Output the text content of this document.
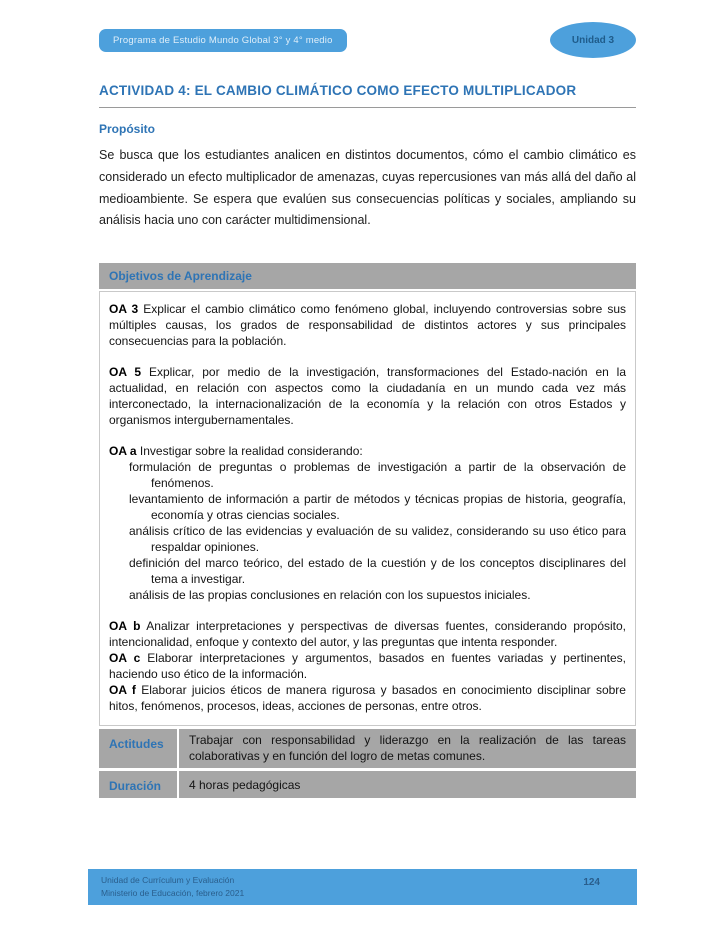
Programa de Estudio Mundo Global 3° y 4° medio	Unidad 3
ACTIVIDAD 4: EL CAMBIO CLIMÁTICO COMO EFECTO MULTIPLICADOR
Propósito
Se busca que los estudiantes analicen en distintos documentos, cómo el cambio climático es considerado un efecto multiplicador de amenazas, cuyas repercusiones van más allá del daño al medioambiente. Se espera que evalúen sus consecuencias políticas y sociales, ampliando su análisis hacia uno con carácter multidimensional.
Objetivos de Aprendizaje

OA 3 Explicar el cambio climático como fenómeno global, incluyendo controversias sobre sus múltiples causas, los grados de responsabilidad de distintos actores y sus principales consecuencias para la población.

OA 5 Explicar, por medio de la investigación, transformaciones del Estado-nación en la actualidad, en relación con aspectos como la ciudadanía en un mundo cada vez más interconectado, la internacionalización de la economía y la relación con otros Estados y organismos intergubernamentales.

OA a Investigar sobre la realidad considerando:

formulación de preguntas o problemas de investigación a partir de la observación de fenómenos.
levantamiento de información a partir de métodos y técnicas propias de historia, geografía, economía y otras ciencias sociales.
análisis crítico de las evidencias y evaluación de su validez, considerando su uso ético para respaldar opiniones.
definición del marco teórico, del estado de la cuestión y de los conceptos disciplinares del tema a investigar.
análisis de las propias conclusiones en relación con los supuestos iniciales.

OA b Analizar interpretaciones y perspectivas de diversas fuentes, considerando propósito, intencionalidad, enfoque y contexto del autor, y las preguntas que intenta responder.

OA c Elaborar interpretaciones y argumentos, basados en fuentes variadas y pertinentes, haciendo uso ético de la información.

OA f Elaborar juicios éticos de manera rigurosa y basados en conocimiento disciplinar sobre hitos, fenómenos, procesos, ideas, acciones de personas, entre otros.

Actitudes	Trabajar con responsabilidad y liderazgo en la realización de las tareas colaborativas y en función del logro de metas comunes.
Duración	4 horas pedagógicas
Unidad de Currículum y Evaluación
Ministerio de Educación, febrero 2021
124
